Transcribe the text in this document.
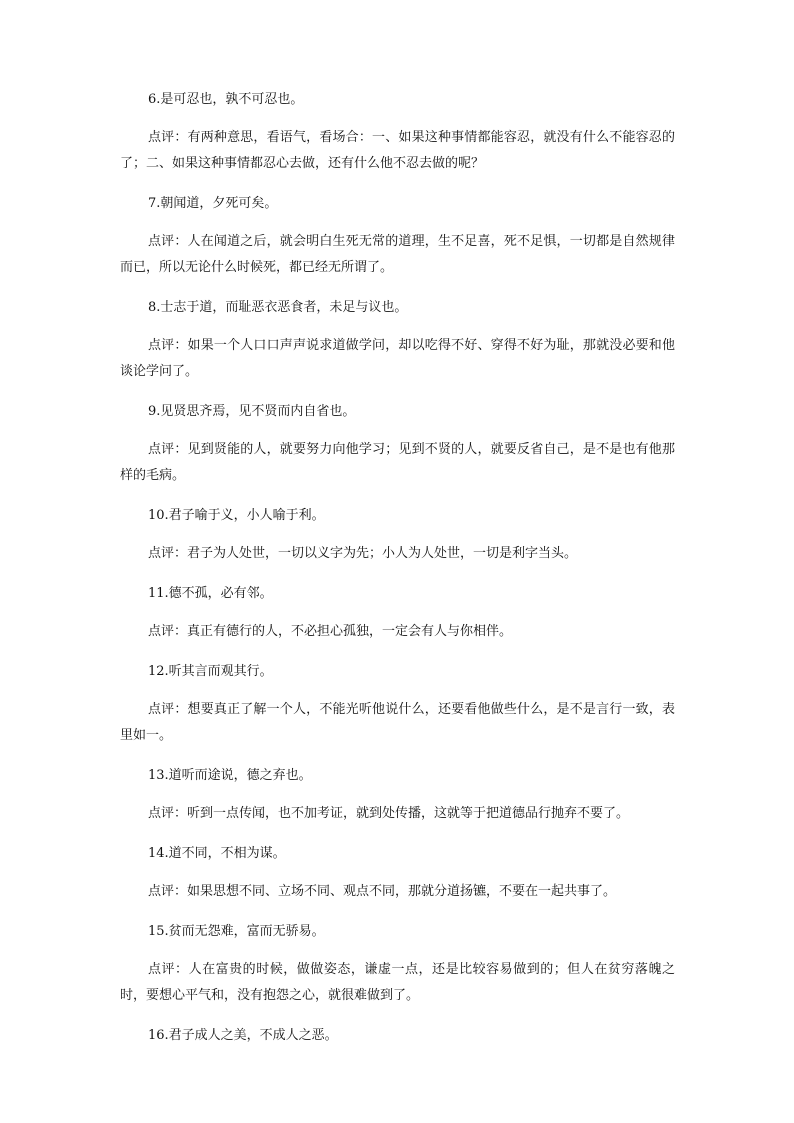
6.是可忍也，孰不可忍也。

点评：有两种意思，看语气，看场合：一、如果这种事情都能容忍，就没有什么不能容忍的了；二、如果这种事情都忍心去做，还有什么他不忍去做的呢？

7.朝闻道，夕死可矣。

点评：人在闻道之后，就会明白生死无常的道理，生不足喜，死不足惧，一切都是自然规律而已，所以无论什么时候死，都已经无所谓了。

8.士志于道，而耻恶衣恶食者，未足与议也。

点评：如果一个人口口声声说求道做学问，却以吃得不好、穿得不好为耻，那就没必要和他谈论学问了。

9.见贤思齐焉，见不贤而内自省也。

点评：见到贤能的人，就要努力向他学习；见到不贤的人，就要反省自己，是不是也有他那样的毛病。

10.君子喻于义，小人喻于利。

点评：君子为人处世，一切以义字为先；小人为人处世，一切是利字当头。

11.德不孤，必有邻。

点评：真正有德行的人，不必担心孤独，一定会有人与你相伴。

12.听其言而观其行。

点评：想要真正了解一个人，不能光听他说什么，还要看他做些什么，是不是言行一致，表里如一。

13.道听而途说，德之弃也。

点评：听到一点传闻，也不加考证，就到处传播，这就等于把道德品行抛弃不要了。

14.道不同，不相为谋。

点评：如果思想不同、立场不同、观点不同，那就分道扬镳，不要在一起共事了。

15.贫而无怨难，富而无骄易。

点评：人在富贵的时候，做做姿态，谦虚一点，还是比较容易做到的；但人在贫穷落魄之时，要想心平气和，没有抱怨之心，就很难做到了。

16.君子成人之美，不成人之恶。
